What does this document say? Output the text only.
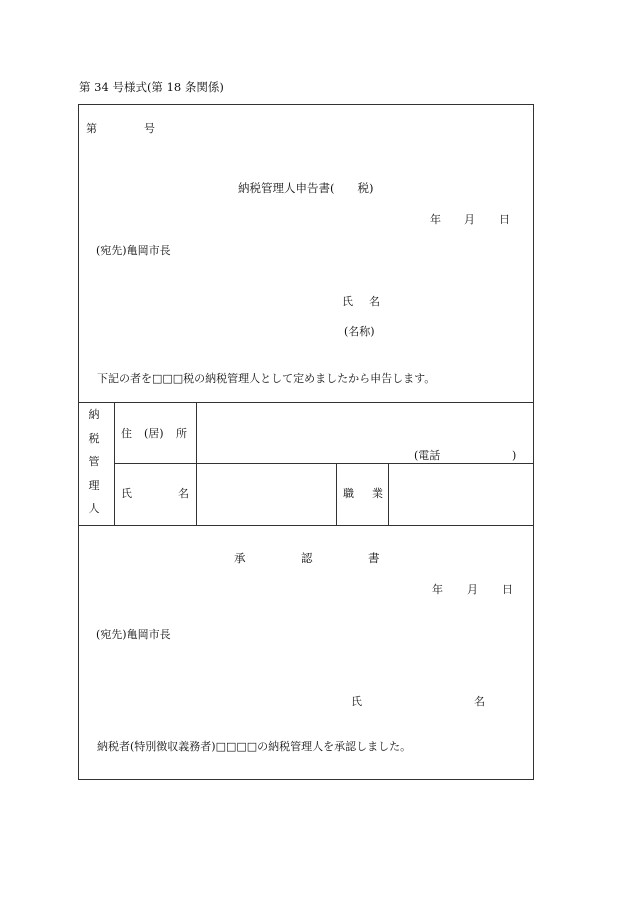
第 34 号様式(第 18 条関係)
第	号
納税管理人申告書(　　税)
年 月 日
(宛先)亀岡市長
氏 名
(名称)
下記の者を□□□税の納税管理人として定めましたから申告します。
納
税
管
理
人
住 (居) 所
(電話	)
氏	名	職 業
承	認	書
年 月 日
(宛先)亀岡市長
氏	名
納税者(特別徴収義務者)□□□□の納税管理人を承認しました。
